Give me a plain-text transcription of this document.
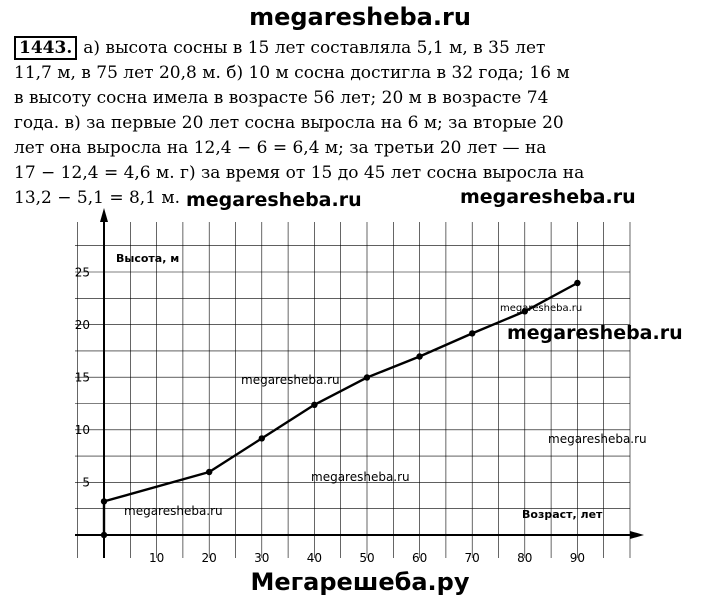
megaresheba.ru
1443. а) высота сосны в 15 лет составляла 5,1 м, в 35 лет
11,7 м, в 75 лет 20,8 м. б) 10 м сосна достигла в 32 года; 16 м
в высоту сосна имела в возрасте 56 лет; 20 м в возрасте 74
года. в) за первые 20 лет сосна выросла на 6 м; за вторые 20
лет она выросла на 12,4 − 6 = 6,4 м; за третьи 20 лет — на
17 − 12,4 = 4,6 м. г) за время от 15 до 45 лет сосна выросла на
13,2 − 5,1 = 8,1 м.
10	20	30	40	50	60	70	80	90
5
10
15
20
25
Высота, м
Возраст, лет
megaresheba.ru	megaresheba.ru
megaresheba.ru
megaresheba.ru
megaresheba.ru
megaresheba.ru
megaresheba.ru
megaresheba.ru
Мегарешеба.ру
